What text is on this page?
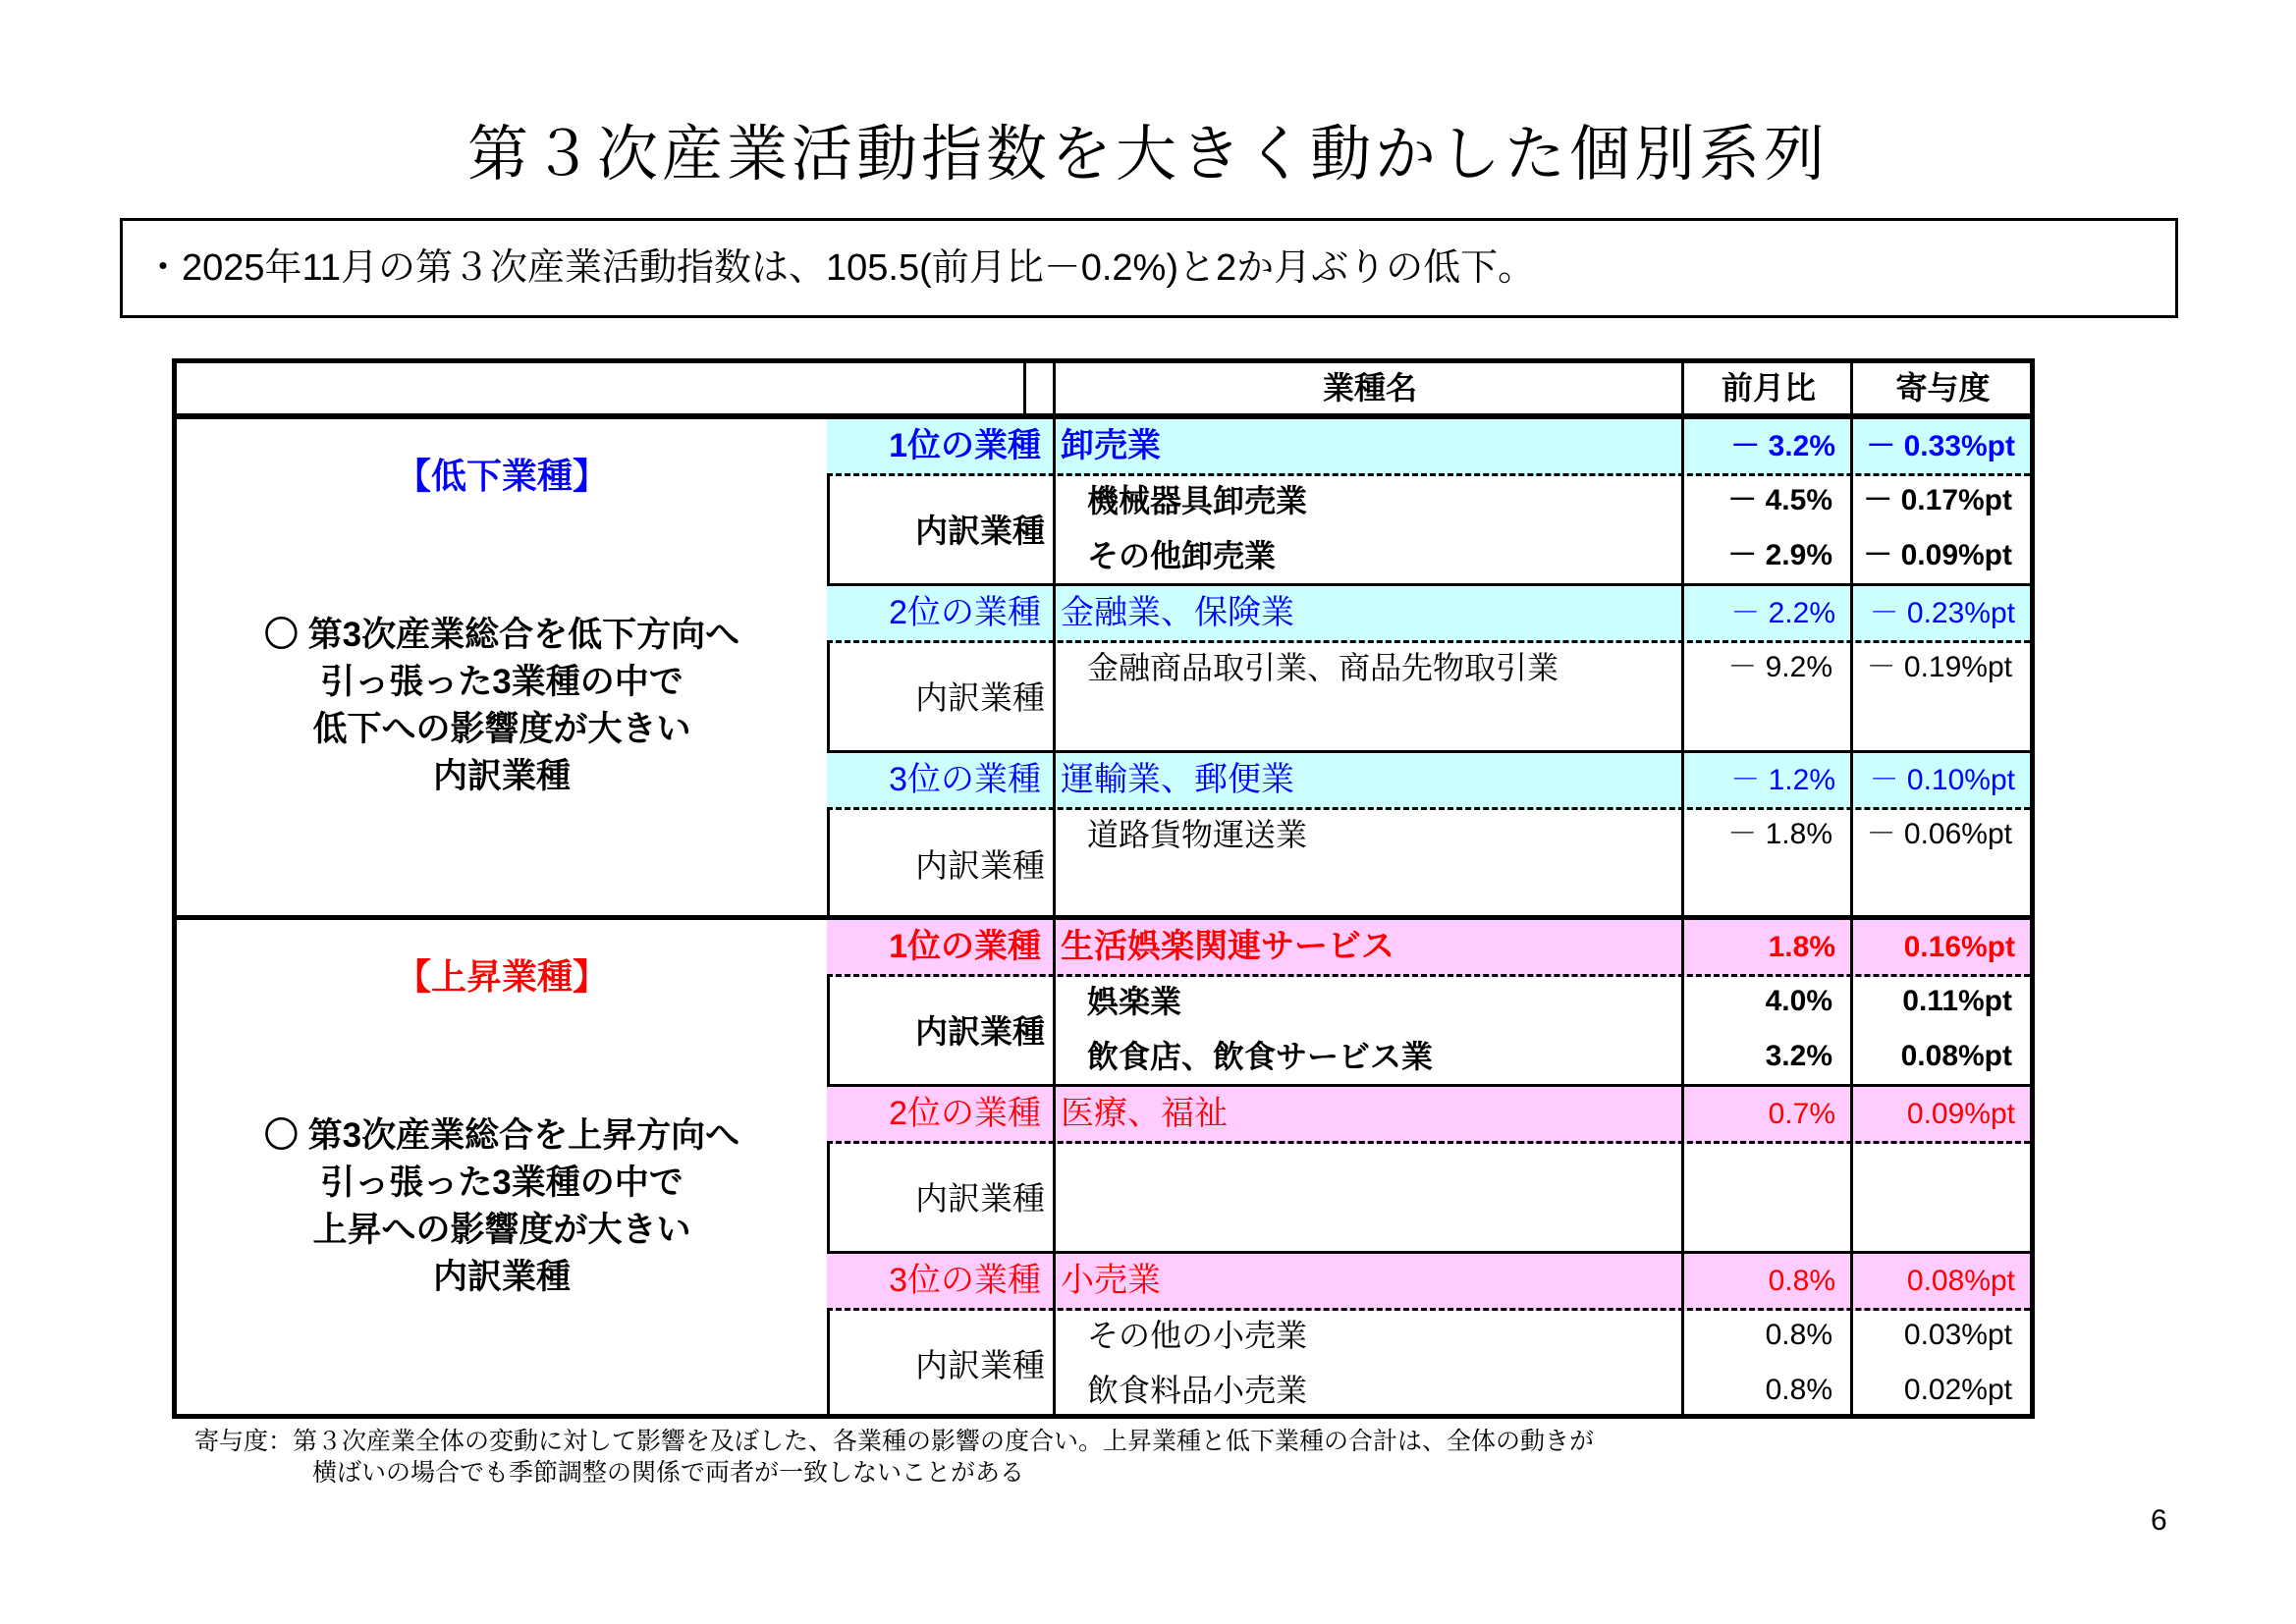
第３次産業活動指数を大きく動かした個別系列
・2025年11月の第３次産業活動指数は、105.5(前月比－0.2%)と2か月ぶりの低下。
業種名	前月比	寄与度
【低下業種】
〇 第3次産業総合を低下方向へ
引っ張った3業種の中で
低下への影響度が大きい
内訳業種
1位の業種 卸売業	－ 3.2% － 0.33%pt
内訳業種
機械器具卸売業	－ 4.5% － 0.17%pt
その他卸売業	－ 2.9% － 0.09%pt
2位の業種 金融業、保険業	－ 2.2% － 0.23%pt
内訳業種
金融商品取引業、商品先物取引業	－ 9.2% － 0.19%pt
3位の業種 運輸業、郵便業	－ 1.2% － 0.10%pt
内訳業種
道路貨物運送業	－ 1.8% － 0.06%pt
【上昇業種】
〇 第3次産業総合を上昇方向へ
引っ張った3業種の中で
上昇への影響度が大きい
内訳業種
1位の業種 生活娯楽関連サービス	1.8% 0.16%pt
内訳業種
娯楽業	4.0% 0.11%pt
飲食店、飲食サービス業	3.2% 0.08%pt
2位の業種 医療、福祉	0.7% 0.09%pt
内訳業種
3位の業種 小売業	0.8% 0.08%pt
内訳業種
その他の小売業	0.8% 0.03%pt
飲食料品小売業	0.8% 0.02%pt
寄与度：第３次産業全体の変動に対して影響を及ぼした、各業種の影響の度合い。上昇業種と低下業種の合計は、全体の動きが
横ばいの場合でも季節調整の関係で両者が一致しないことがある
6
